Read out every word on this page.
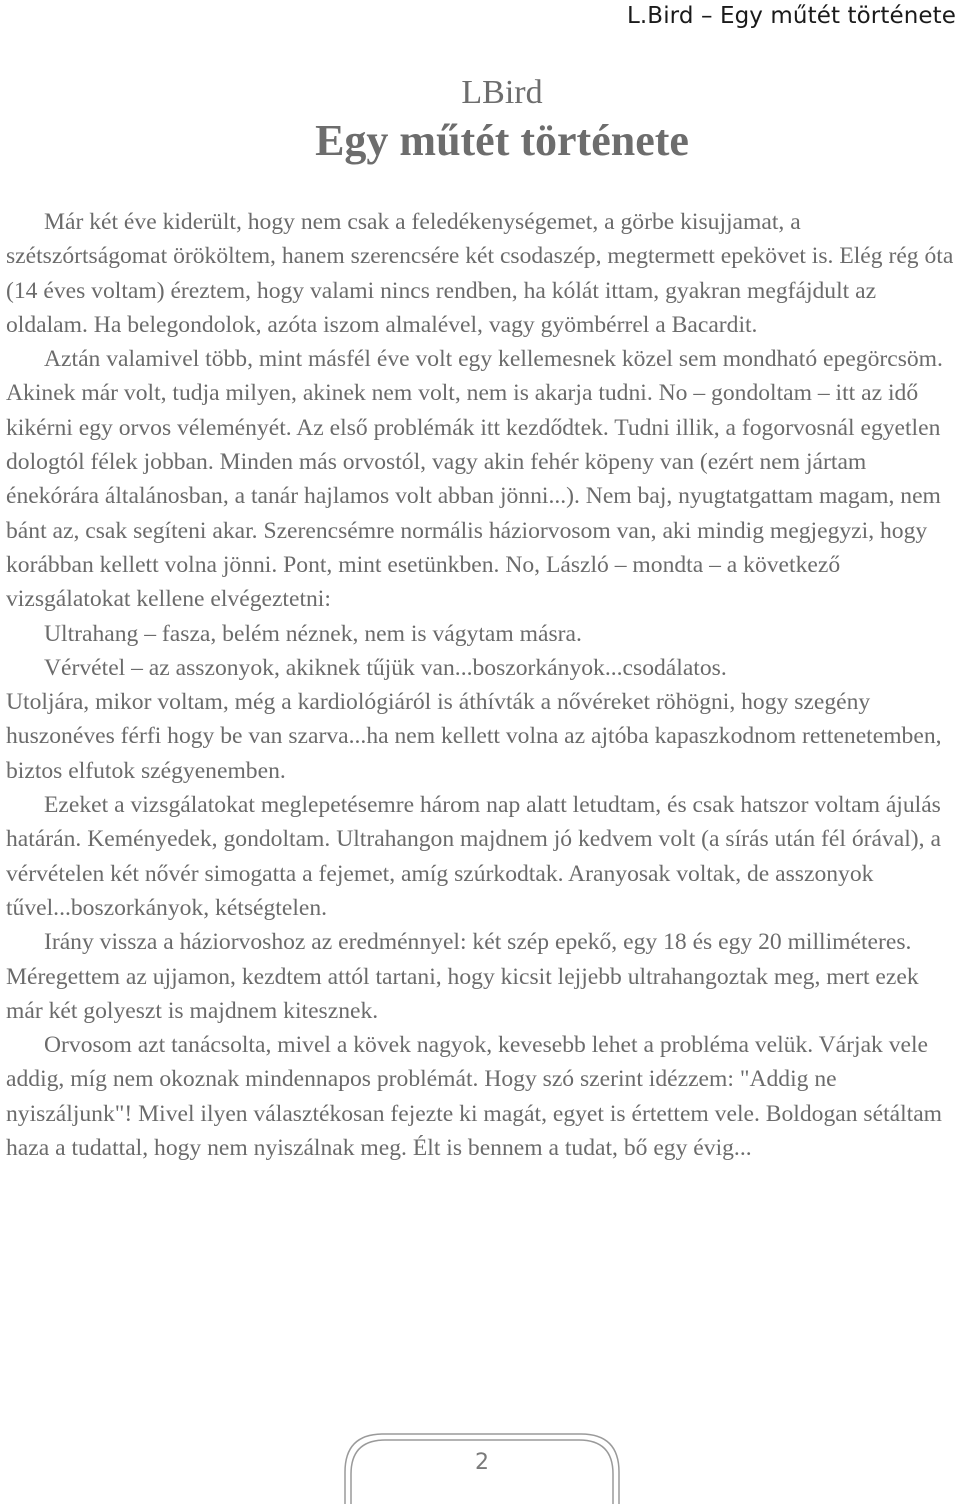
L.Bird – Egy műtét története
LBird
Egy műtét története

Már két éve kiderült, hogy nem csak a feledékenységemet, a görbe kisujjamat, a szétszórtságomat örököltem, hanem szerencsére két csodaszép, megtermett epekövet is. Elég rég óta (14 éves voltam) éreztem, hogy valami nincs rendben, ha kólát ittam, gyakran megfájdult az oldalam. Ha belegondolok, azóta iszom almalével, vagy gyömbérrel a Bacardit.

Aztán valamivel több, mint másfél éve volt egy kellemesnek közel sem mondható epegörcsöm. Akinek már volt, tudja milyen, akinek nem volt, nem is akarja tudni. No – gondoltam – itt az idő kikérni egy orvos véleményét. Az első problémák itt kezdődtek. Tudni illik, a fogorvosnál egyetlen dologtól félek jobban. Minden más orvostól, vagy akin fehér köpeny van (ezért nem jártam énekórára általánosban, a tanár hajlamos volt abban jönni...). Nem baj, nyugtatgattam magam, nem bánt az, csak segíteni akar. Szerencsémre normális háziorvosom van, aki mindig megjegyzi, hogy korábban kellett volna jönni. Pont, mint esetünkben. No, László – mondta – a következő vizsgálatokat kellene elvégeztetni:

Ultrahang – fasza, belém néznek, nem is vágytam másra.

Vérvétel – az asszonyok, akiknek tűjük van...boszorkányok...csodálatos.

Utoljára, mikor voltam, még a kardiológiáról is áthívták a nővéreket röhögni, hogy szegény huszonéves férfi hogy be van szarva...ha nem kellett volna az ajtóba kapaszkodnom rettenetemben, biztos elfutok szégyenemben.

Ezeket a vizsgálatokat meglepetésemre három nap alatt letudtam, és csak hatszor voltam ájulás határán. Keményedek, gondoltam. Ultrahangon majdnem jó kedvem volt (a sírás után fél órával), a vérvételen két nővér simogatta a fejemet, amíg szúrkodtak. Aranyosak voltak, de asszonyok tűvel...boszorkányok, kétségtelen.

Irány vissza a háziorvoshoz az eredménnyel: két szép epekő, egy 18 és egy 20 milliméteres. Méregettem az ujjamon, kezdtem attól tartani, hogy kicsit lejjebb ultrahangoztak meg, mert ezek már két golyeszt is majdnem kitesznek.

Orvosom azt tanácsolta, mivel a kövek nagyok, kevesebb lehet a probléma velük. Várjak vele addig, míg nem okoznak mindennapos problémát. Hogy szó szerint idézzem: "Addig ne nyiszáljunk"! Mivel ilyen választékosan fejezte ki magát, egyet is értettem vele. Boldogan sétáltam haza a tudattal, hogy nem nyiszálnak meg. Élt is bennem a tudat, bő egy évig...

2
